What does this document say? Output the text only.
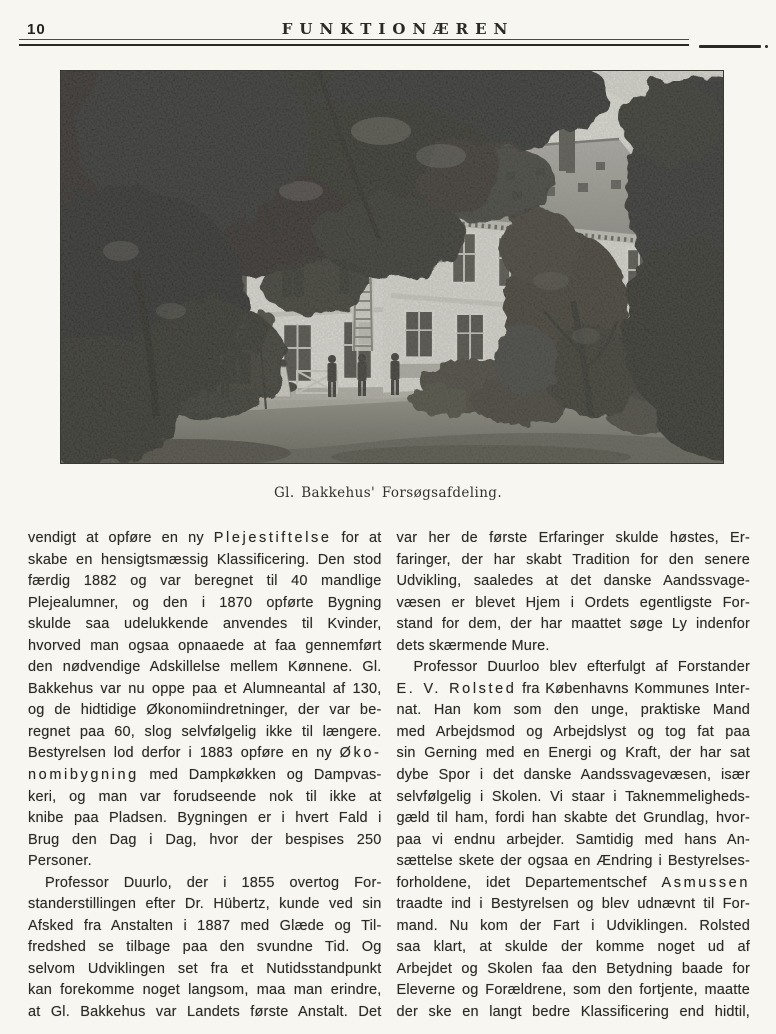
10	FUNKTIONÆREN
Gl. Bakkehus' Forsøgsafdeling.
vendigt at opføre en ny Plejestiftelse for at
skabe en hensigtsmæssig Klassificering. Den stod
færdig 1882 og var beregnet til 40 mandlige
Plejealumner, og den i 1870 opførte Bygning
skulde saa udelukkende anvendes til Kvinder,
hvorved man ogsaa opnaaede at faa gennemført
den nødvendige Adskillelse mellem Kønnene. Gl.
Bakkehus var nu oppe paa et Alumneantal af 130,
og de hidtidige Økonomiindretninger, der var be-
regnet paa 60, slog selvfølgelig ikke til længere.
Bestyrelsen lod derfor i 1883 opføre en ny Øko-
nomibygning med Dampkøkken og Dampvas-
keri, og man var forudseende nok til ikke at
knibe paa Pladsen. Bygningen er i hvert Fald i
Brug den Dag i Dag, hvor der bespises 250
Personer.
Professor Duurlo, der i 1855 overtog For-
standerstillingen efter Dr. Hübertz, kunde ved sin
Afsked fra Anstalten i 1887 med Glæde og Til-
fredshed se tilbage paa den svundne Tid. Og
selvom Udviklingen set fra et Nutidsstandpunkt
kan forekomme noget langsom, maa man erindre,
at Gl. Bakkehus var Landets første Anstalt. Det
var her de første Erfaringer skulde høstes, Er-
faringer, der har skabt Tradition for den senere
Udvikling, saaledes at det danske Aandssvage-
væsen er blevet Hjem i Ordets egentligste For-
stand for dem, der har maattet søge Ly indenfor
dets skærmende Mure.
Professor Duurloo blev efterfulgt af Forstander
E. V. Rolsted fra Københavns Kommunes Inter-
nat. Han kom som den unge, praktiske Mand
med Arbejdsmod og Arbejdslyst og tog fat paa
sin Gerning med en Energi og Kraft, der har sat
dybe Spor i det danske Aandssvagevæsen, især
selvfølgelig i Skolen. Vi staar i Taknemmeligheds-
gæld til ham, fordi han skabte det Grundlag, hvor-
paa vi endnu arbejder. Samtidig med hans An-
sættelse skete der ogsaa en Ændring i Bestyrelses-
forholdene, idet Departementschef Asmussen
traadte ind i Bestyrelsen og blev udnævnt til For-
mand. Nu kom der Fart i Udviklingen. Rolsted
saa klart, at skulde der komme noget ud af
Arbejdet og Skolen faa den Betydning baade for
Eleverne og Forældrene, som den fortjente, maatte
der ske en langt bedre Klassificering end hidtil,
